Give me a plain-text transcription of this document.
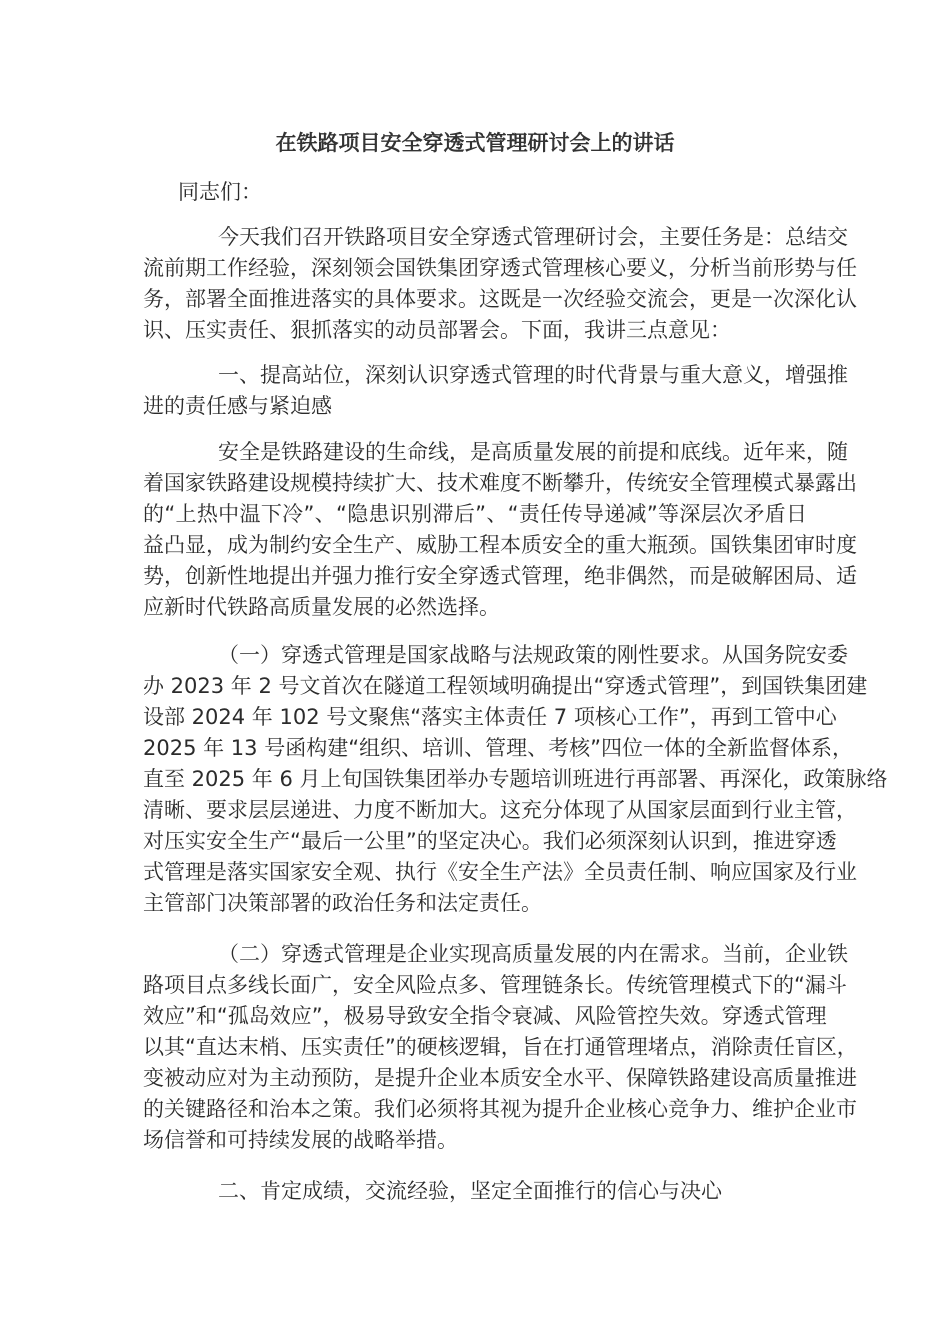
在铁路项目安全穿透式管理研讨会上的讲话
同志们：
今天我们召开铁路项目安全穿透式管理研讨会，主要任务是：总结交
流前期工作经验，深刻领会国铁集团穿透式管理核心要义，分析当前形势与任
务，部署全面推进落实的具体要求。这既是一次经验交流会，更是一次深化认
识、压实责任、狠抓落实的动员部署会。下面，我讲三点意见：
一、提高站位，深刻认识穿透式管理的时代背景与重大意义，增强推
进的责任感与紧迫感
安全是铁路建设的生命线，是高质量发展的前提和底线。近年来，随
着国家铁路建设规模持续扩大、技术难度不断攀升，传统安全管理模式暴露出
的“上热中温下冷”、“隐患识别滞后”、“责任传导递减”等深层次矛盾日
益凸显，成为制约安全生产、威胁工程本质安全的重大瓶颈。国铁集团审时度
势，创新性地提出并强力推行安全穿透式管理，绝非偶然，而是破解困局、适
应新时代铁路高质量发展的必然选择。
（一）穿透式管理是国家战略与法规政策的刚性要求。从国务院安委
办 2023 年 2 号文首次在隧道工程领域明确提出“穿透式管理”，到国铁集团建
设部 2024 年 102 号文聚焦“落实主体责任 7 项核心工作”，再到工管中心
2025 年 13 号函构建“组织、培训、管理、考核”四位一体的全新监督体系，
直至 2025 年 6 月上旬国铁集团举办专题培训班进行再部署、再深化，政策脉络
清晰、要求层层递进、力度不断加大。这充分体现了从国家层面到行业主管，
对压实安全生产“最后一公里”的坚定决心。我们必须深刻认识到，推进穿透
式管理是落实国家安全观、执行《安全生产法》全员责任制、响应国家及行业
主管部门决策部署的政治任务和法定责任。
（二）穿透式管理是企业实现高质量发展的内在需求。当前，企业铁
路项目点多线长面广，安全风险点多、管理链条长。传统管理模式下的“漏斗
效应”和“孤岛效应”，极易导致安全指令衰减、风险管控失效。穿透式管理
以其“直达末梢、压实责任”的硬核逻辑，旨在打通管理堵点，消除责任盲区，
变被动应对为主动预防，是提升企业本质安全水平、保障铁路建设高质量推进
的关键路径和治本之策。我们必须将其视为提升企业核心竞争力、维护企业市
场信誉和可持续发展的战略举措。
二、肯定成绩，交流经验，坚定全面推行的信心与决心
